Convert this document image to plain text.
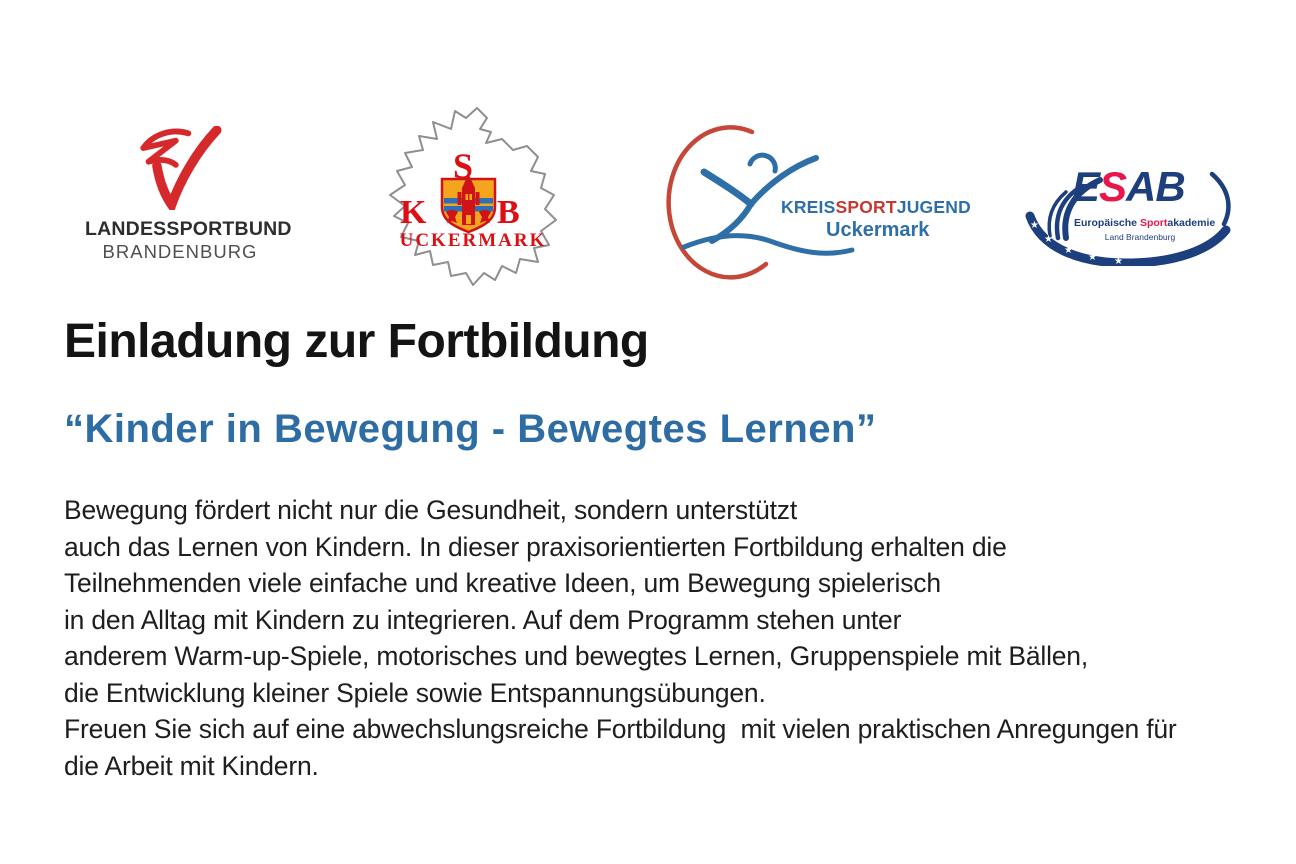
LANDESSPORTBUND
BRANDENBURG
S
K B
UCKERMARK
KREISSPORTJUGEND
Uckermark	★
★
★
★ ★
ESAB
Europäische Sportakademie
Land Brandenburg
Einladung zur Fortbildung
“Kinder in Bewegung - Bewegtes Lernen”
Bewegung fördert nicht nur die Gesundheit, sondern unterstützt
auch das Lernen von Kindern. In dieser praxisorientierten Fortbildung erhalten die
Teilnehmenden viele einfache und kreative Ideen, um Bewegung spielerisch
in den Alltag mit Kindern zu integrieren. Auf dem Programm stehen unter
anderem Warm-up-Spiele, motorisches und bewegtes Lernen, Gruppenspiele mit Bällen,
die Entwicklung kleiner Spiele sowie Entspannungsübungen.
Freuen Sie sich auf eine abwechslungsreiche Fortbildung  mit vielen praktischen Anregungen für
die Arbeit mit Kindern.
